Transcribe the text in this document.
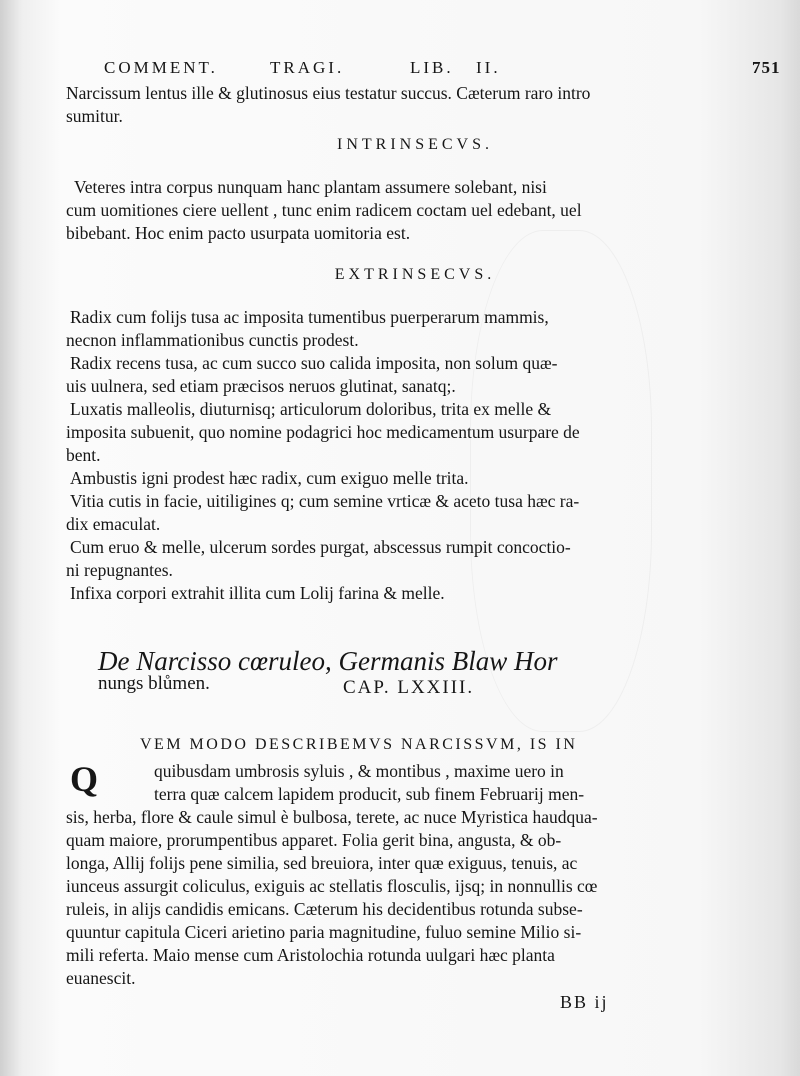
COMMENT.	TRAGI.	LIB. II.	751
Narcissum lentus ille & glutinosus eius testatur succus. Cæterum raro intro
sumitur.
INTRINSECVS.
Veteres intra corpus nunquam hanc plantam assumere solebant, nisi
cum uomitiones ciere uellent , tunc enim radicem coctam uel edebant, uel
bibebant. Hoc enim pacto usurpata uomitoria est.
EXTRINSECVS.
Radix cum folijs tusa ac imposita tumentibus puerperarum mammis,
necnon inflammationibus cunctis prodest.
Radix recens tusa, ac cum succo suo calida imposita, non solum quæ-
uis uulnera, sed etiam præcisos neruos glutinat, sanatq;.
Luxatis malleolis, diuturnisq; articulorum doloribus, trita ex melle &
imposita subuenit, quo nomine podagrici hoc medicamentum usurpare de
bent.
Ambustis igni prodest hæc radix, cum exiguo melle trita.
Vitia cutis in facie, uitiligines q; cum semine vrticæ & aceto tusa hæc ra-
dix emaculat.
Cum eruo & melle, ulcerum sordes purgat, abscessus rumpit concoctio-
ni repugnantes.
Infixa corpori extrahit illita cum Lolij farina & melle.
De Narcisso cœruleo, Germanis Blaw Hor
nungs blůmen.	CAP. LXXIII.
VEM MODO DESCRIBEMVS NARCISSVM, IS IN
Q	quibusdam umbrosis syluis , & montibus , maxime uero in
terra quæ calcem lapidem producit, sub finem Februarij men-
sis, herba, flore & caule simul è bulbosa, terete, ac nuce Myristica haudqua-
quam maiore, prorumpentibus apparet. Folia gerit bina, angusta, & ob-
longa, Allij folijs pene similia, sed breuiora, inter quæ exiguus, tenuis, ac
iunceus assurgit coliculus, exiguis ac stellatis flosculis, ijsq; in nonnullis cœ
ruleis, in alijs candidis emicans. Cæterum his decidentibus rotunda subse-
quuntur capitula Ciceri arietino paria magnitudine, fuluo semine Milio si-
mili referta. Maio mense cum Aristolochia rotunda uulgari hæc planta
euanescit.
BB ij
